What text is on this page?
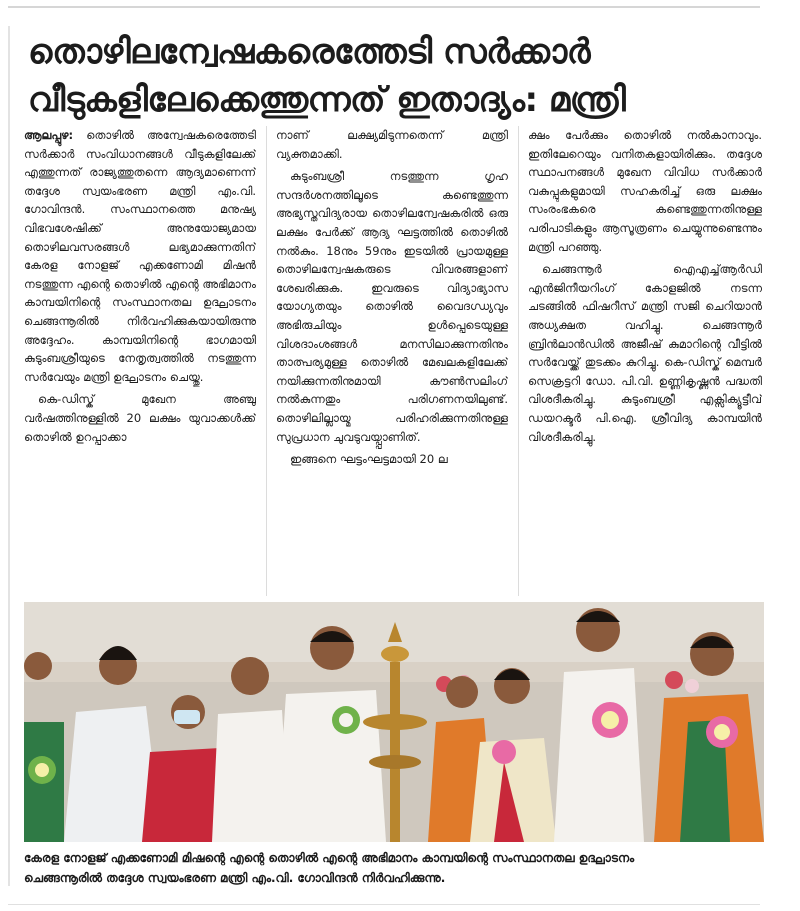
തൊഴിലന്വേഷകരെത്തേടി സർക്കാർ
വീടുകളിലേക്കെത്തുന്നത് ഇതാദ്യം: മന്ത്രി

ആലപ്പുഴ: തൊഴിൽ അന്വേഷകരെത്തേടി സർക്കാർ സംവിധാനങ്ങൾ വീടുകളിലേക്ക് എത്തുന്നത് രാജ്യത്തുതന്നെ ആദ്യമാണെന്ന് തദ്ദേശ സ്വയംഭരണ മന്ത്രി എം.വി. ഗോവിന്ദൻ. സംസ്ഥാനത്തെ മനുഷ്യ വിഭവശേഷിക്ക് അനുയോജ്യമായ തൊഴിലവസരങ്ങൾ ലഭ്യമാക്കുന്നതിന് കേരള നോളജ് എക്കണോമി മിഷൻ നടത്തുന്ന എന്റെ തൊഴിൽ എന്റെ അഭിമാനം കാമ്പയിനിന്റെ സംസ്ഥാനതല ഉദ്ഘാടനം ചെങ്ങന്നൂരിൽ നിർവഹിക്കുകയായിരുന്നു അദ്ദേഹം. കാമ്പയിനിന്റെ ഭാഗമായി കുടുംബശ്രീയുടെ നേതൃത്വത്തിൽ നടത്തുന്ന സർവേയും മന്ത്രി ഉദ്ഘാടനം ചെയ്തു.

കെ-ഡിസ്ക് മുഖേന അഞ്ചു വർഷത്തിനുള്ളിൽ 20 ലക്ഷം യുവാക്കൾക്ക് തൊഴിൽ ഉറപ്പാക്കാ

നാണ് ലക്ഷ്യമിടുന്നതെന്ന് മന്ത്രി വ്യക്തമാക്കി.

കുടുംബശ്രീ നടത്തുന്ന ഗൃഹ സന്ദർശനത്തിലൂടെ കണ്ടെത്തുന്ന അഭ്യസ്തവിദ്യരായ തൊഴിലന്വേഷകരിൽ ഒരു ലക്ഷം പേർക്ക് ആദ്യ ഘട്ടത്തിൽ തൊഴിൽ നൽകും. 18നും 59നും ഇടയിൽ പ്രായമുള്ള തൊഴിലന്വേഷകരുടെ വിവരങ്ങളാണ് ശേഖരിക്കുക. ഇവരുടെ വിദ്യാഭ്യാസ യോഗ്യതയും തൊഴിൽ വൈദഗ്ധ്യവും അഭിരുചിയും ഉൾപ്പെടെയുള്ള വിശദാംശങ്ങൾ മനസിലാക്കുന്നതിനും താത്പര്യമുള്ള തൊഴിൽ മേഖലകളിലേക്ക് നയിക്കുന്നതിനുമായി കൗൺസലിംഗ് നൽകുന്നതും പരിഗണനയിലുണ്ട്. തൊഴിലില്ലായ്മ പരിഹരിക്കുന്നതിനുള്ള സുപ്രധാന ചുവടുവയ്പ്പാണിത്.

ഇങ്ങനെ ഘട്ടംഘട്ടമായി 20 ല

ക്ഷം പേർക്കും തൊഴിൽ നൽകാനാവും. ഇതിലേറെയും വനിതകളായിരിക്കും. തദ്ദേശ സ്ഥാപനങ്ങൾ മുഖേന വിവിധ സർക്കാർ വകുപ്പുകളുമായി സഹകരിച്ച് ഒരു ലക്ഷം സംരംഭകരെ കണ്ടെത്തുന്നതിനുള്ള പരിപാടികളും ആസൂത്രണം ചെയ്യുന്നുണ്ടെന്നും മന്ത്രി പറഞ്ഞു.

ചെങ്ങന്നൂർ ഐഎച്ച്ആർഡി എൻജിനീയറിംഗ് കോളജിൽ നടന്ന ചടങ്ങിൽ ഫിഷറീസ് മന്ത്രി സജി ചെറിയാൻ അധ്യക്ഷത വഹിച്ചു. ചെങ്ങന്നൂർ ബ്രിൻലാൻഡിൽ അജീഷ് കുമാറിന്റെ വീട്ടിൽ സർവേയ്ക്ക് തുടക്കം കുറിച്ചു. കെ-ഡിസ്ക് മെമ്പർ സെക്രട്ടറി ഡോ. പി.വി. ഉണ്ണികൃഷ്ണൻ പദ്ധതി വിശദീകരിച്ചു. കുടുംബശ്രീ എക്സിക്യൂട്ടീവ് ഡയറക്ടർ പി.ഐ. ശ്രീവിദ്യ കാമ്പയിൻ വിശദീകരിച്ചു.

കേരള നോളജ് എക്കണോമി മിഷന്റെ എന്റെ തൊഴിൽ എന്റെ അഭിമാനം കാമ്പയിന്റെ സംസ്ഥാനതല ഉദ്ഘാടനം
ചെങ്ങന്നൂരിൽ തദ്ദേശ സ്വയംഭരണ മന്ത്രി എം.വി. ഗോവിന്ദൻ നിർവഹിക്കുന്നു.
